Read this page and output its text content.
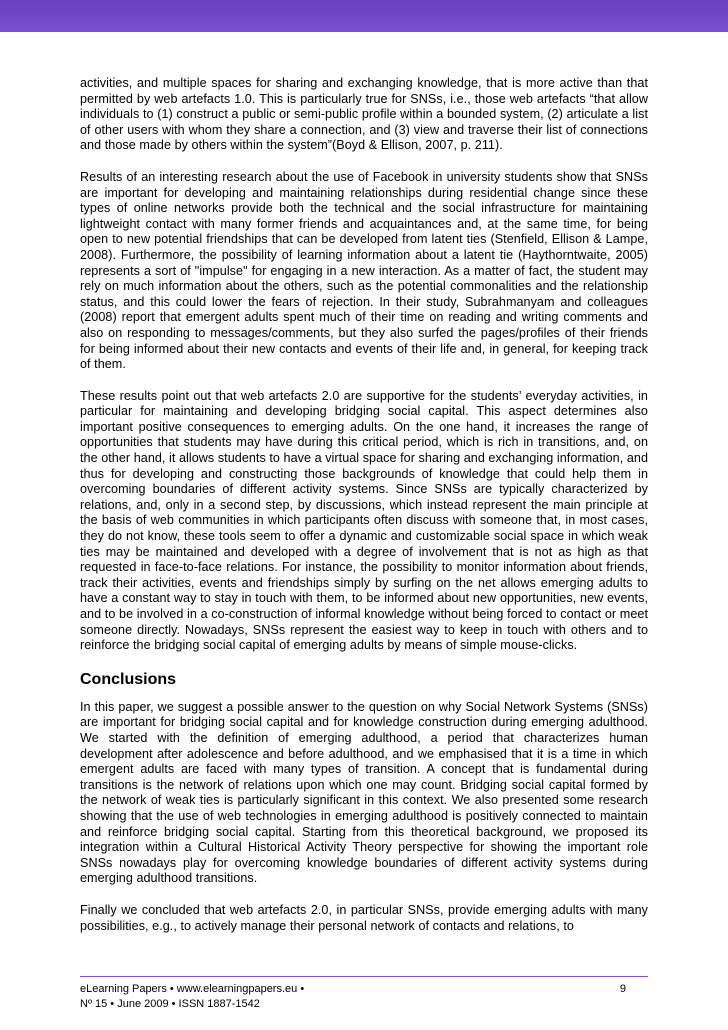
activities, and multiple spaces for sharing and exchanging knowledge, that is more active than that permitted by web artefacts 1.0. This is particularly true for SNSs, i.e., those web artefacts “that allow individuals to (1) construct a public or semi-public profile within a bounded system, (2) articulate a list of other users with whom they share a connection, and (3) view and traverse their list of connections and those made by others within the system”(Boyd & Ellison, 2007, p. 211).

Results of an interesting research about the use of Facebook in university students show that SNSs are important for developing and maintaining relationships during residential change since these types of online networks provide both the technical and the social infrastructure for maintaining lightweight contact with many former friends and acquaintances and, at the same time, for being open to new potential friendships that can be developed from latent ties (Stenfield, Ellison & Lampe, 2008). Furthermore, the possibility of learning information about a latent tie (Haythorntwaite, 2005) represents a sort of "impulse" for engaging in a new interaction. As a matter of fact, the student may rely on much information about the others, such as the potential commonalities and the relationship status, and this could lower the fears of rejection. In their study, Subrahmanyam and colleagues (2008) report that emergent adults spent much of their time on reading and writing comments and also on responding to messages/comments, but they also surfed the pages/profiles of their friends for being informed about their new contacts and events of their life and, in general, for keeping track of them.

These results point out that web artefacts 2.0 are supportive for the students’ everyday activities, in particular for maintaining and developing bridging social capital. This aspect determines also important positive consequences to emerging adults. On the one hand, it increases the range of opportunities that students may have during this critical period, which is rich in transitions, and, on the other hand, it allows students to have a virtual space for sharing and exchanging information, and thus for developing and constructing those backgrounds of knowledge that could help them in overcoming boundaries of different activity systems. Since SNSs are typically characterized by relations, and, only in a second step, by discussions, which instead represent the main principle at the basis of web communities in which participants often discuss with someone that, in most cases, they do not know, these tools seem to offer a dynamic and customizable social space in which weak ties may be maintained and developed with a degree of involvement that is not as high as that requested in face-to-face relations. For instance, the possibility to monitor information about friends, track their activities, events and friendships simply by surfing on the net allows emerging adults to have a constant way to stay in touch with them, to be informed about new opportunities, new events, and to be involved in a co-construction of informal knowledge without being forced to contact or meet someone directly. Nowadays, SNSs represent the easiest way to keep in touch with others and to reinforce the bridging social capital of emerging adults by means of simple mouse-clicks.

Conclusions

In this paper, we suggest a possible answer to the question on why Social Network Systems (SNSs) are important for bridging social capital and for knowledge construction during emerging adulthood. We started with the definition of emerging adulthood, a period that characterizes human development after adolescence and before adulthood, and we emphasised that it is a time in which emergent adults are faced with many types of transition. A concept that is fundamental during transitions is the network of relations upon which one may count. Bridging social capital formed by the network of weak ties is particularly significant in this context. We also presented some research showing that the use of web technologies in emerging adulthood is positively connected to maintain and reinforce bridging social capital. Starting from this theoretical background, we proposed its integration within a Cultural Historical Activity Theory perspective for showing the important role SNSs nowadays play for overcoming knowledge boundaries of different activity systems during emerging adulthood transitions.

Finally we concluded that web artefacts 2.0, in particular SNSs, provide emerging adults with many possibilities, e.g., to actively manage their personal network of contacts and relations, to

eLearning Papers • www.elearningpapers.eu •
Nº 15 • June 2009 • ISSN 1887-1542
9
